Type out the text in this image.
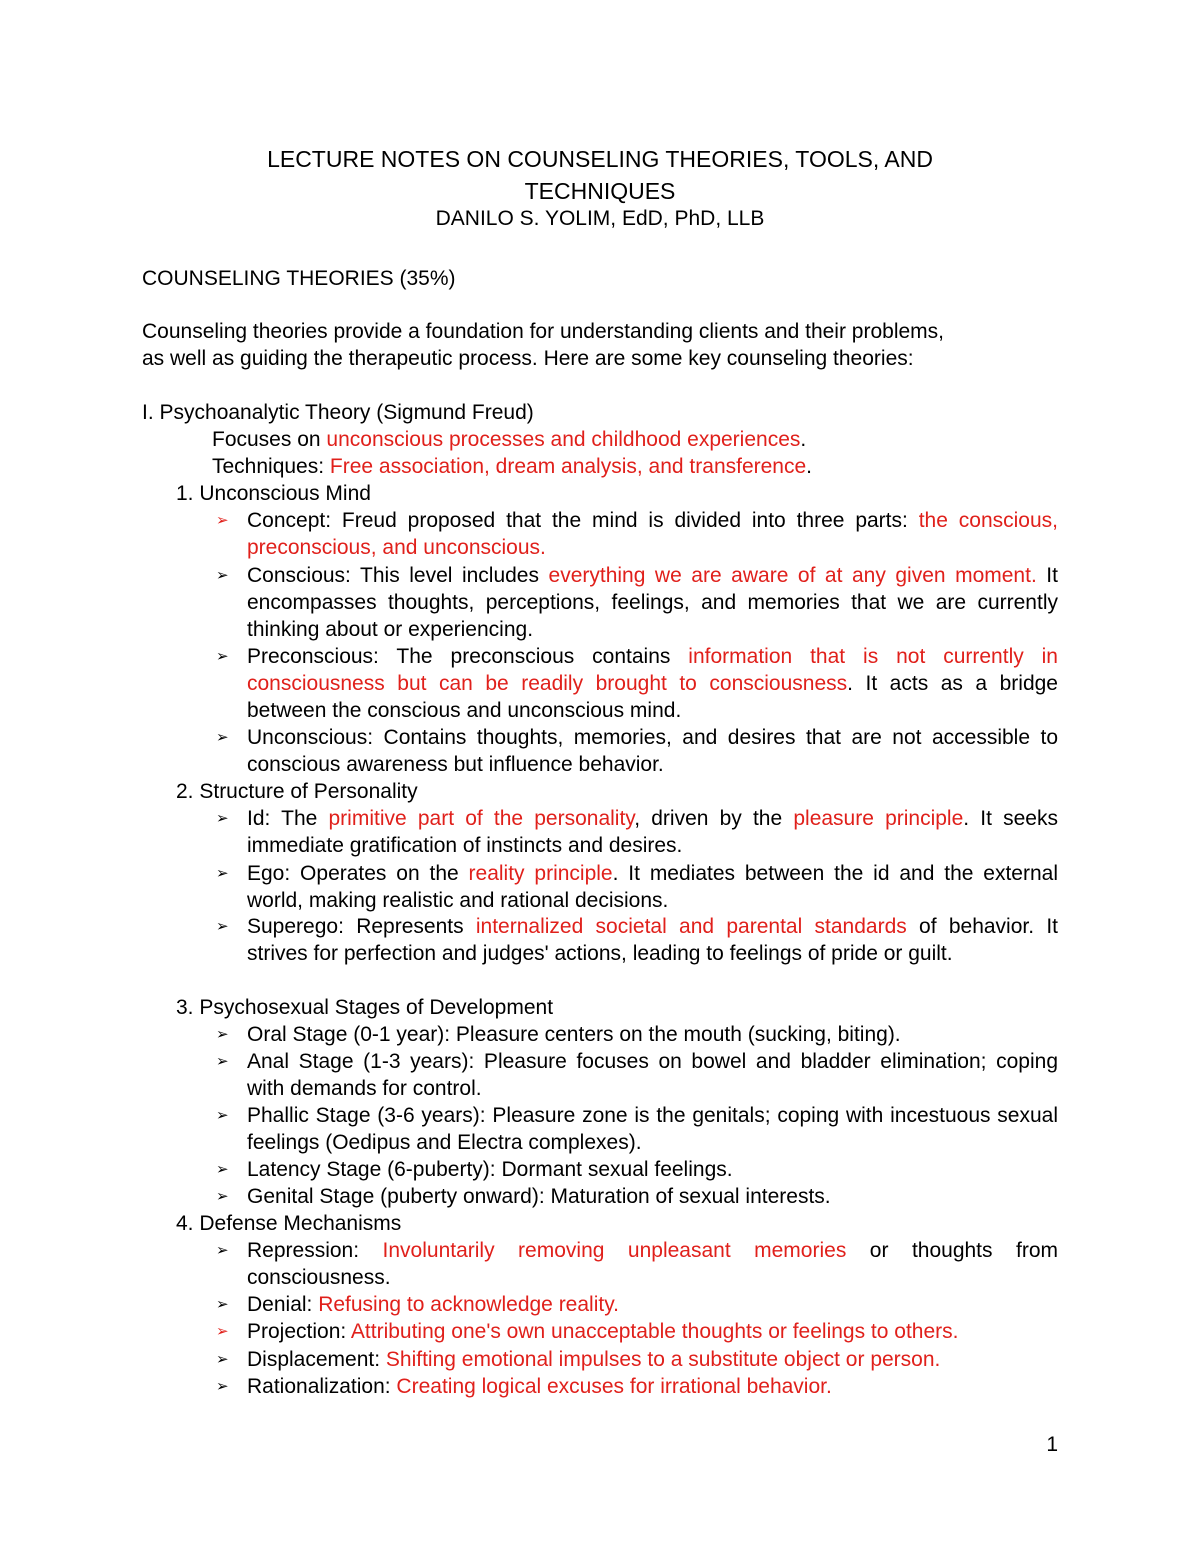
LECTURE NOTES ON COUNSELING THEORIES, TOOLS, AND
TECHNIQUES
DANILO S. YOLIM, EdD, PhD, LLB
COUNSELING THEORIES (35%)
Counseling theories provide a foundation for understanding clients and their problems,
as well as guiding the therapeutic process. Here are some key counseling theories:
I. Psychoanalytic Theory (Sigmund Freud)
Focuses on unconscious processes and childhood experiences.
Techniques: Free association, dream analysis, and transference.
1. Unconscious Mind
➢ Concept: Freud proposed that the mind is divided into three parts: the conscious, preconscious, and unconscious.
➢ Conscious: This level includes everything we are aware of at any given moment. It encompasses thoughts, perceptions, feelings, and memories that we are currently thinking about or experiencing.
➢ Preconscious: The preconscious contains information that is not currently in consciousness but can be readily brought to consciousness. It acts as a bridge between the conscious and unconscious mind.
➢ Unconscious: Contains thoughts, memories, and desires that are not accessible to conscious awareness but influence behavior.
2. Structure of Personality
➢ Id: The primitive part of the personality, driven by the pleasure principle. It seeks immediate gratification of instincts and desires.
➢ Ego: Operates on the reality principle. It mediates between the id and the external world, making realistic and rational decisions.
➢ Superego: Represents internalized societal and parental standards of behavior. It strives for perfection and judges' actions, leading to feelings of pride or guilt.
3. Psychosexual Stages of Development
➢ Oral Stage (0-1 year): Pleasure centers on the mouth (sucking, biting).
➢ Anal Stage (1-3 years): Pleasure focuses on bowel and bladder elimination; coping with demands for control.
➢ Phallic Stage (3-6 years): Pleasure zone is the genitals; coping with incestuous sexual feelings (Oedipus and Electra complexes).
➢ Latency Stage (6-puberty): Dormant sexual feelings.
➢ Genital Stage (puberty onward): Maturation of sexual interests.
4. Defense Mechanisms
➢ Repression: Involuntarily removing unpleasant memories or thoughts from consciousness.
➢ Denial: Refusing to acknowledge reality.
➢ Projection: Attributing one's own unacceptable thoughts or feelings to others.
➢ Displacement: Shifting emotional impulses to a substitute object or person.
➢ Rationalization: Creating logical excuses for irrational behavior.
1
